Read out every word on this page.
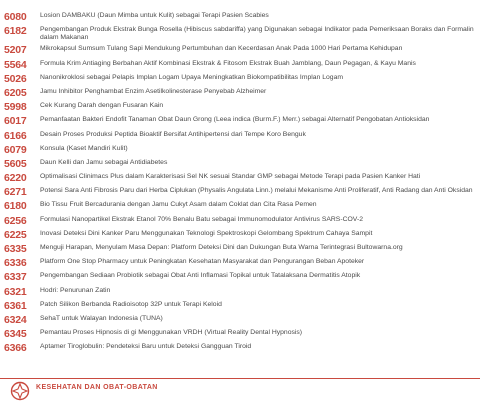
6080	Losion DAMBAKU (Daun Mimba untuk Kulit) sebagai Terapi Pasien Scabies
6182	Pengembangan Produk Ekstrak Bunga Rosella (Hibiscus sabdariffa) yang Digunakan sebagai Indikator pada Pemeriksaan Boraks dan Formalin dalam Makanan
5207	Mikrokapsul Sumsum Tulang Sapi Mendukung Pertumbuhan dan Kecerdasan Anak Pada 1000 Hari Pertama Kehidupan
5564	Formula Krim Antiaging Berbahan Aktif Kombinasi Ekstrak & Fitosom Ekstrak Buah Jamblang, Daun Pegagan, & Kayu Manis
5026	Nanonikroklosi sebagai Pelapis Implan Logam Upaya Meningkatkan Biokompatibilitas Implan Logam
6205	Jamu Inhibitor Penghambat Enzim Asetilkolinesterase Penyebab Alzheimer
5998	Cek Kurang Darah dengan Fusaran Kain
6017	Pemanfaatan Bakteri Endofit Tanaman Obat Daun Grong (Leea indica (Burm.F.) Merr.) sebagai Alternatif Pengobatan Antioksidan
6166	Desain Proses Produksi Peptida Bioaktif Bersifat Antihipertensi dari Tempe Koro Benguk
6079	Konsula (Kaset Mandiri Kulit)
5605	Daun Kelli dan Jamu sebagai Antidiabetes
6220	Optimalisasi Clinimacs Plus dalam Karakterisasi Sel NK sesuai Standar GMP sebagai Metode Terapi pada Pasien Kanker Hati
6271	Potensi Sara Anti Fibrosis Paru dari Herba Ciplukan (Physalis Angulata Linn.) melalui Mekanisme Anti Proliferatif, Anti Radang dan Anti Oksidan
6180	Bio Tissu Fruit Bercadurania dengan Jamu Cukyt Asam dalam Coklat dan Cita Rasa Pemen
6256	Formulasi Nanopartikel Ekstrak Etanol 70% Benalu Batu sebagai Immunomodulator Antivirus SARS-COV-2
6225	Inovasi Deteksi Dini Kanker Paru Menggunakan Teknologi Spektroskopi Gelombang Spektrum Cahaya Sampit
6335	Menguji Harapan, Menyulam Masa Depan: Platform Deteksi Dini dan Dukungan Buta Warna Terintegrasi Bultowarna.org
6336	Platform One Stop Pharmacy untuk Peningkatan Kesehatan Masyarakat dan Pengurangan Beban Apoteker
6337	Pengembangan Sediaan Probiotik sebagai Obat Anti Inflamasi Topikal untuk Tatalaksana Dermatitis Atopik
6321	Hodri: Penurunan Zatin
6361	Patch Silikon Berbanda Radioisotop 32P untuk Terapi Keloid
6324	SehaT untuk Walayan Indonesia (TUNA)
6345	Pemantau Proses Hipnosis di gi Menggunakan VRDH (Virtual Reality Dental Hypnosis)
6366	Aptamer Tiroglobulin: Pendeteksi Baru untuk Deteksi Gangguan Tiroid
KESEHATAN DAN OBAT-OBATAN
